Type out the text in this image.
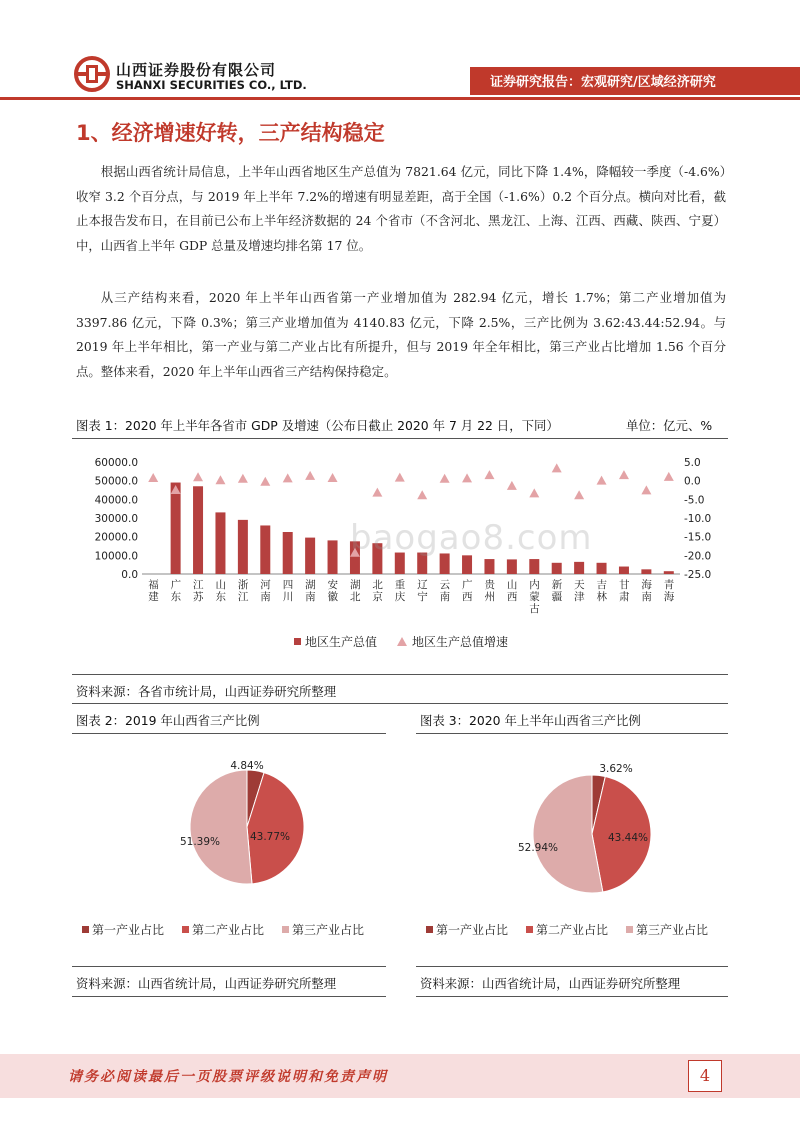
山西证券股份有限公司
SHANXI SECURITIES CO., LTD.	证券研究报告：宏观研究/区域经济研究
1、经济增速好转，三产结构稳定
根据山西省统计局信息，上半年山西省地区生产总值为 7821.64 亿元，同比下降 1.4%，降幅较一季度（-4.6%）收窄 3.2 个百分点，与 2019 年上半年 7.2%的增速有明显差距，高于全国（-1.6%）0.2 个百分点。横向对比看，截止本报告发布日，在目前已公布上半年经济数据的 24 个省市（不含河北、黑龙江、上海、江西、西藏、陕西、宁夏）中，山西省上半年 GDP 总量及增速均排名第 17 位。
从三产结构来看，2020 年上半年山西省第一产业增加值为 282.94 亿元，增长 1.7%；第二产业增加值为 3397.86 亿元，下降 0.3%；第三产业增加值为 4140.83 亿元，下降 2.5%，三产比例为 3.62:43.44:52.94。与 2019 年上半年相比，第一产业与第二产业占比有所提升，但与 2019 年全年相比，第三产业占比增加 1.56 个百分点。整体来看，2020 年上半年山西省三产结构保持稳定。
图表 1：2020 年上半年各省市 GDP 及增速（公布日截止 2020 年 7 月 22 日，下同）	单位：亿元、%
0.0
10000.0
20000.0
30000.0
40000.0
50000.0
60000.0
-25.0
-20.0
-15.0
-10.0
-5.0
0.0
5.0
福建
广东
江苏
山东
浙江
河南
四川
湖南
安徽
湖北
北京
重庆
辽宁
云南
广西
贵州
山西
内蒙古
新疆
天津
吉林
甘肃
海南
青海
地区生产总值	地区生产总值增速
baogao8.com
资料来源：各省市统计局，山西证券研究所整理
图表 2：2019 年山西省三产比例	图表 3：2020 年上半年山西省三产比例
4.84%
43.77%
51.39%
第一产业占比 第二产业占比 第三产业占比
3.62%
43.44%
52.94%
第一产业占比 第二产业占比 第三产业占比
资料来源：山西省统计局，山西证券研究所整理	资料来源：山西省统计局，山西证券研究所整理
请务必阅读最后一页股票评级说明和免责声明	4
